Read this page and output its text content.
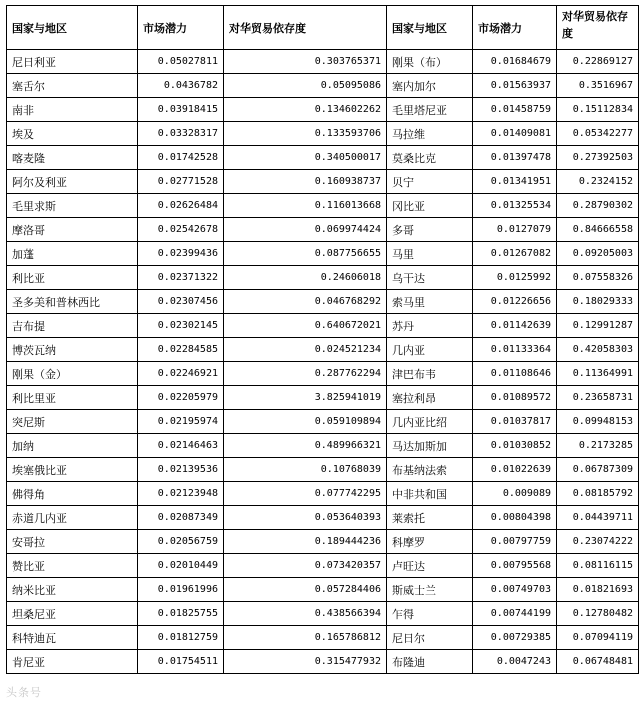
国家与地区	市场潜力	对华贸易依存度	国家与地区	市场潜力	对华贸易依存度
尼日利亚	0.05027811	0.303765371	刚果（布）	0.01684679	0.22869127
塞舌尔	0.0436782	0.05095086	塞内加尔	0.01563937	0.3516967
南非	0.03918415	0.134602262	毛里塔尼亚	0.01458759	0.15112834
埃及	0.03328317	0.133593706	马拉维	0.01409081	0.05342277
喀麦隆	0.01742528	0.340500017	莫桑比克	0.01397478	0.27392503
阿尔及利亚	0.02771528	0.160938737	贝宁	0.01341951	0.2324152
毛里求斯	0.02626484	0.116013668	冈比亚	0.01325534	0.28790302
摩洛哥	0.02542678	0.069974424	多哥	0.0127079	0.84666558
加蓬	0.02399436	0.087756655	马里	0.01267082	0.09205003
利比亚	0.02371322	0.24606018	乌干达	0.0125992	0.07558326
圣多美和普林西比	0.02307456	0.046768292	索马里	0.01226656	0.18029333
吉布提	0.02302145	0.640672021	苏丹	0.01142639	0.12991287
博茨瓦纳	0.02284585	0.024521234	几内亚	0.01133364	0.42058303
刚果（金）	0.02246921	0.287762294	津巴布韦	0.01108646	0.11364991
利比里亚	0.02205979	3.825941019	塞拉利昂	0.01089572	0.23658731
突尼斯	0.02195974	0.059109894	几内亚比绍	0.01037817	0.09948153
加纳	0.02146463	0.489966321	马达加斯加	0.01030852	0.2173285
埃塞俄比亚	0.02139536	0.10768039	布基纳法索	0.01022639	0.06787309
佛得角	0.02123948	0.077742295	中非共和国	0.009089	0.08185792
赤道几内亚	0.02087349	0.053640393	莱索托	0.00804398	0.04439711
安哥拉	0.02056759	0.189444236	科摩罗	0.00797759	0.23074222
赞比亚	0.02010449	0.073420357	卢旺达	0.00795568	0.08116115
纳米比亚	0.01961996	0.057284406	斯威士兰	0.00749703	0.01821693
坦桑尼亚	0.01825755	0.438566394	乍得	0.00744199	0.12780482
科特迪瓦	0.01812759	0.165786812	尼日尔	0.00729385	0.07094119
肯尼亚	0.01754511	0.315477932	布隆迪	0.0047243	0.06748481
头条号
